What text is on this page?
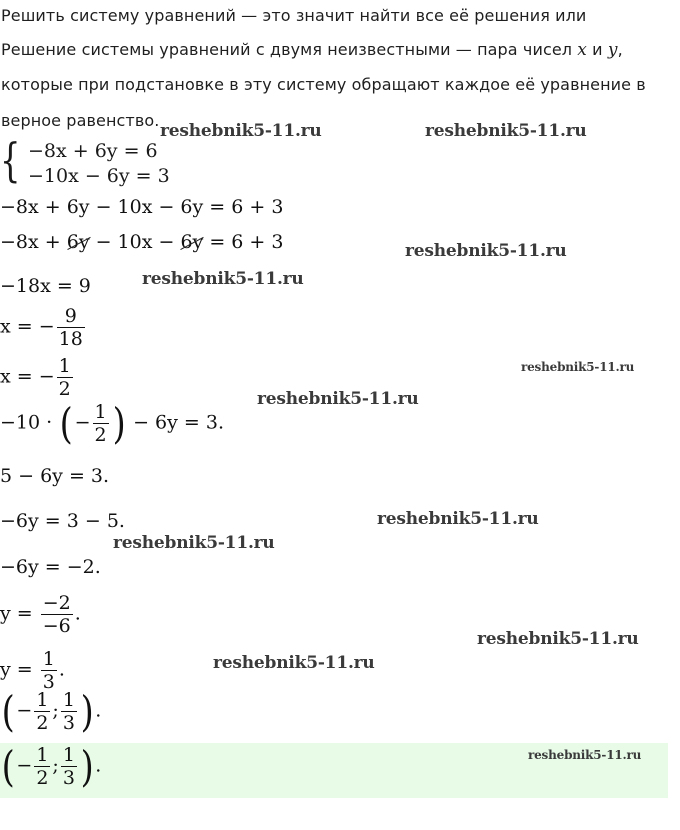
Решить систему уравнений — это значит найти все её решения или
Решение системы уравнений с двумя неизвестными — пара чисел x и y,
которые при подстановке в эту систему обращают каждое её уравнение в
верное равенство.
{ −8x + 6y = 6
−10x − 6y = 3
−8x + 6y − 10x − 6y = 6 + 3
−8x + 6y − 10x − 6y = 6 + 3
−18x = 9
x = − $\frac{9}{18}$
x = − $\frac{1}{2}$
−10 · (− $\frac{1}{2}$ ) − 6y = 3.
5 − 6y = 3.
−6y = 3 − 5.
−6y = −2.
$y = \frac{-2}{-6}$ .
$y = \frac{1}{3}$ .
(− $\frac{1}{2}$ ; $\frac{1}{3}$ ).
(− $\frac{1}{2}$ ; $\frac{1}{3}$ ).
reshebnik5-11.ru	reshebnik5-11.ru
reshebnik5-11.ru
reshebnik5-11.ru
reshebnik5-11.ru
reshebnik5-11.ru
reshebnik5-11.ru
reshebnik5-11.ru
reshebnik5-11.ru
reshebnik5-11.ru
reshebnik5-11.ru
